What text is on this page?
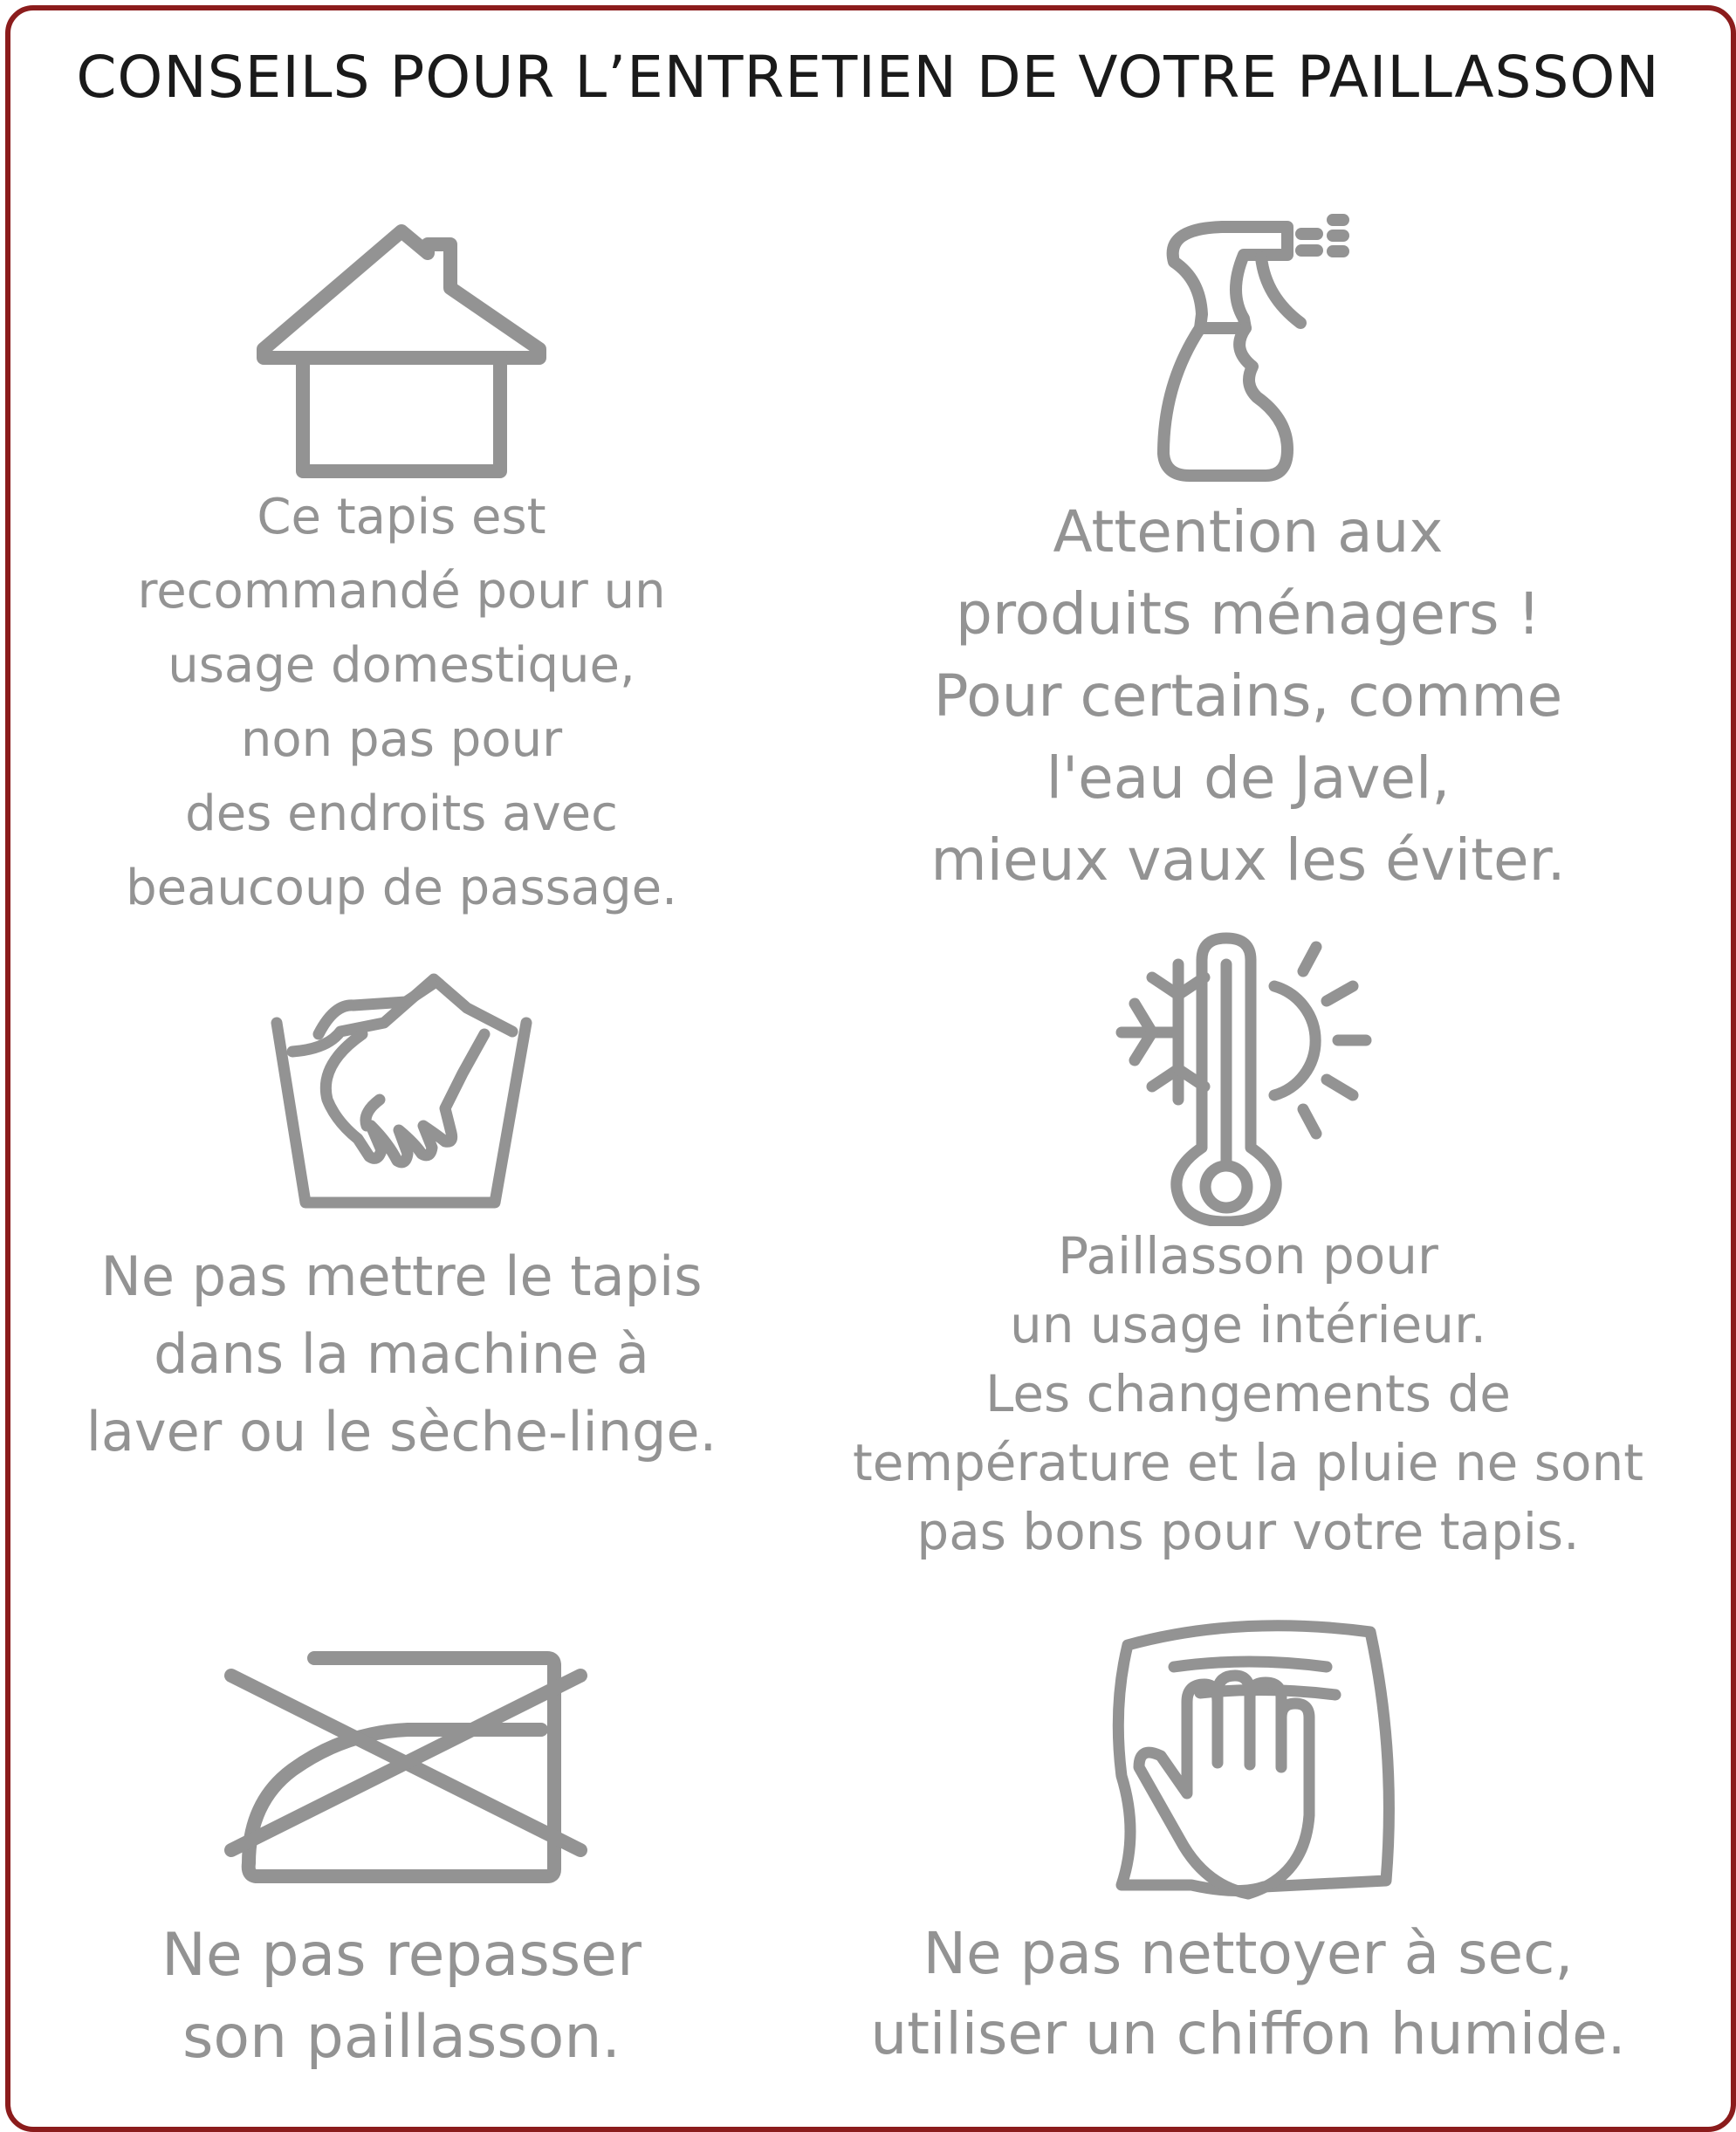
CONSEILS POUR L’ENTRETIEN DE VOTRE PAILLASSON

Ce tapis est
recommandé pour un
usage domestique,
non pas pour
des endroits avec
beaucoup de passage.

Attention aux
produits ménagers !
Pour certains, comme
l'eau de Javel,
mieux vaux les éviter.

Ne pas mettre le tapis
dans la machine à
laver ou le sèche-linge.

Paillasson pour
un usage intérieur.
Les changements de
température et la pluie ne sont
pas bons pour votre tapis.

Ne pas repasser
son paillasson.

Ne pas nettoyer à sec,
utiliser un chiffon humide.
